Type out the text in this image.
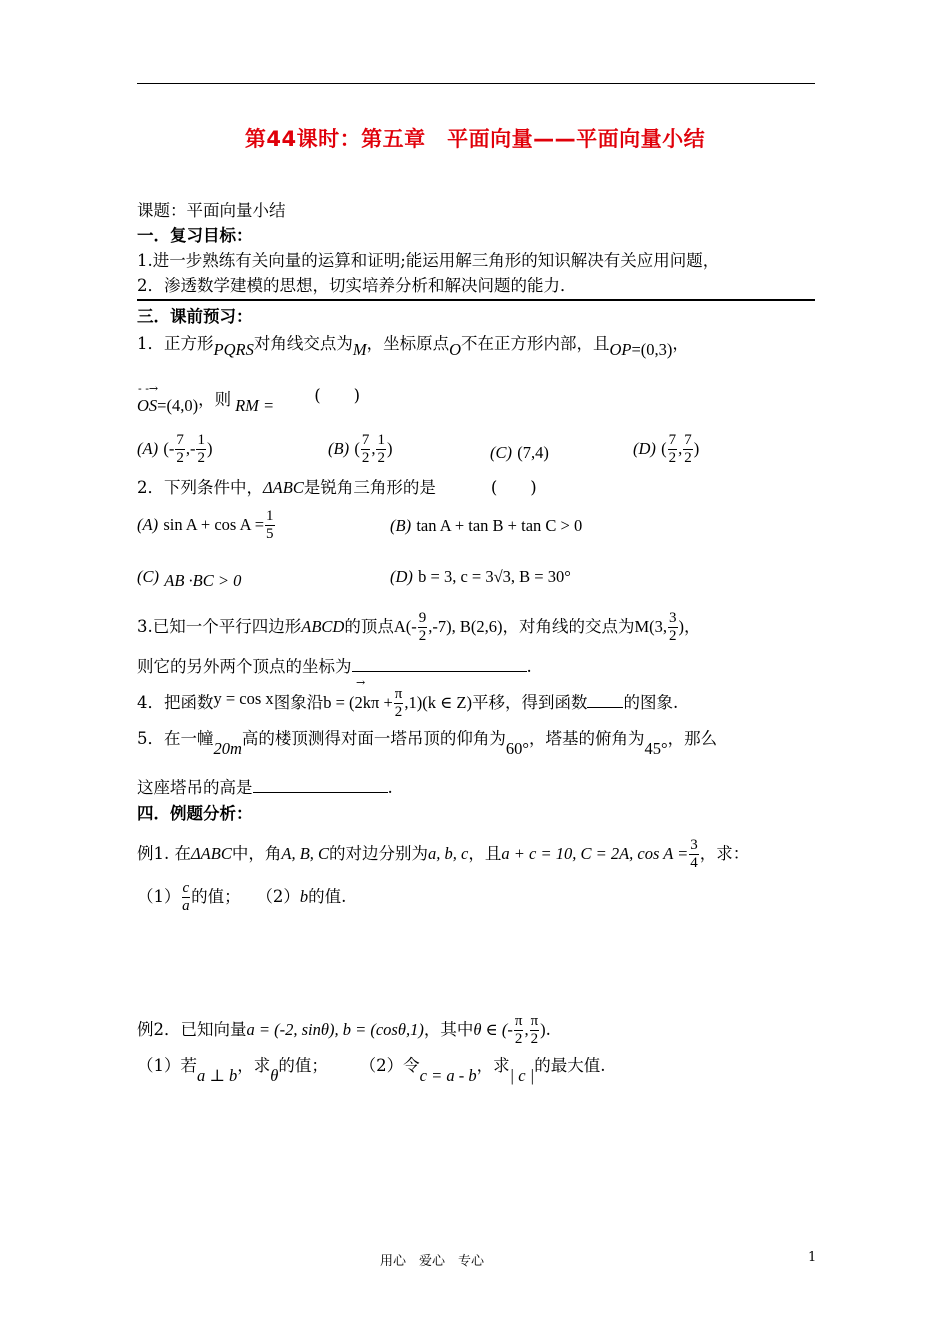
第44课时：第五章　平面向量——平面向量小结
课题：平面向量小结
一．复习目标：
1.进一步熟练有关向量的运算和证明;能运用解三角形的知识解决有关应用问题，
2．渗透数学建模的思想，切实培养分析和解决问题的能力．
三．课前预习：
1．正方形PQRS对角线交点为M，坐标原点O不在正方形内部，且OP=(0,3)，
- -→
OS=(4,0)，则 RM =(　　)
(A) (- $\frac{7}{2}$ ,- $\frac{1}{2}$ )	(B) ( $\frac{7}{2}$ , $\frac{1}{2}$ )	(C) (7,4)	(D) ( $\frac{7}{2}$ , $\frac{7}{2}$ )
2．下列条件中，ΔABC是锐角三角形的是	(　　)
(A) $\sin A + \cos A = \frac{1}{5}$	(B) tan A + tan B + tan C > 0
(C) AB ·BC > 0	(D) b = 3, c = 3√3, B = 30°
3.已知一个平行四边形ABCD的顶点$A(- \frac{9}{2} ,-7)$, B(2,6)，对角线的交点为M(3, $\frac{3}{2}$ )，
则它的另外两个顶点的坐标为	.
→
4．把函数y = cos x图象沿$b = (2k\pi + \frac{\pi}{2} ,1)(k$ ∈ Z)平移，得到函数 的图象.
5．在一幢20m高的楼顶测得对面一塔吊顶的仰角为60°，塔基的俯角为45°，那么
这座塔吊的高是	.
四．例题分析：
例1. 在ΔABC中，角A, B, C的对边分别为a, b, c，且a + c = 10, C = 2A, $\cos A = \frac{3}{4}$ ，求：
$(1) \frac{c}{a}$ 的值； （2）b的值.
例2．已知向量a = (-2, sinθ), b = (cosθ,1)，其中θ ∈ (- $\frac{\pi}{2}$ , $\frac{\pi}{2}$ ).
（1）若a ⊥ b，求θ的值； （2）令c = a - b，求| c |的最大值.
用心　爱心　专心	1
